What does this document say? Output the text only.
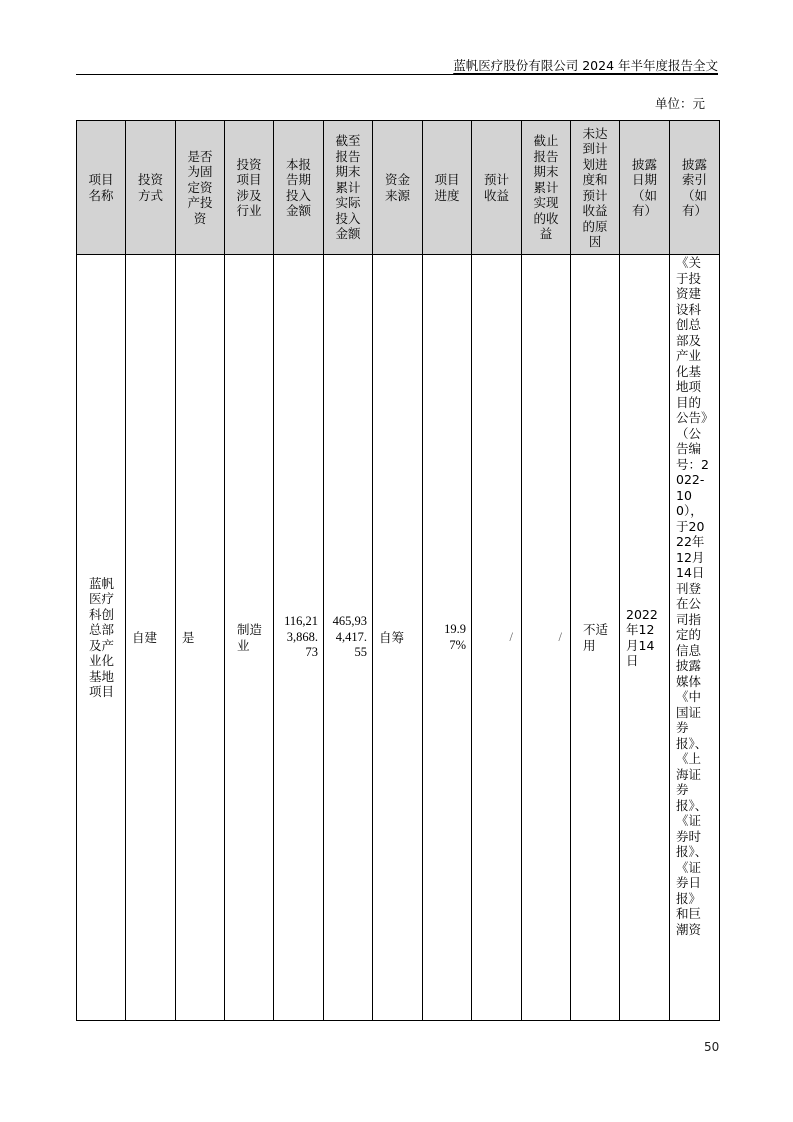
蓝帆医疗股份有限公司 2024 年半年度报告全文
单位：元
项目名称	投资方式	是否为固定资产投资	投资项目涉及行业	本报告期投入金额	截至报告期末累计实际投入金额	资金来源	项目进度	预计收益	截止报告期末累计实现的收益	未达到计划进度和预计收益的原因	披露日期（如有）	披露索引（如有）

蓝帆医疗科创总部及产业化基地项目	自建	是	制造业	116,213,868.73	465,934,417.55	自筹	19.97%	/	/	不适用	2022年12月14日	《关于投资建设科创总部及产业化基地项目的公告》（公告编号：2022-100），于2022年12月14日刊登在公司指定的信息披露媒体《中国证券报》、《上海证券报》、《证券时报》、《证券日报》和巨潮资
50
